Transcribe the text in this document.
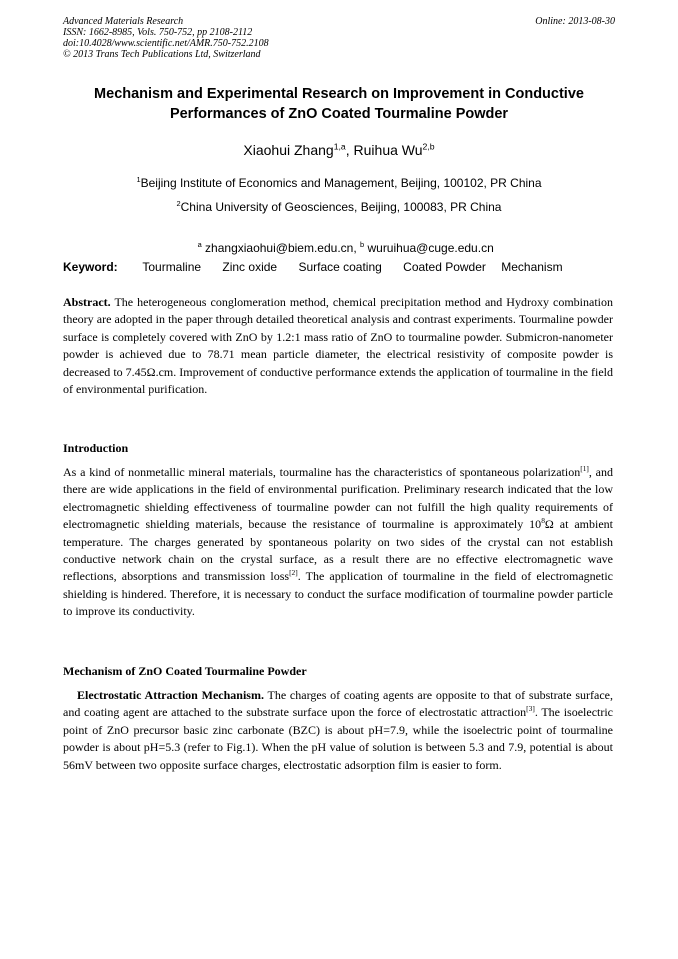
Advanced Materials Research
ISSN: 1662-8985, Vols. 750-752, pp 2108-2112
doi:10.4028/www.scientific.net/AMR.750-752.2108
© 2013 Trans Tech Publications Ltd, Switzerland
Online: 2013-08-30
Mechanism and Experimental Research on Improvement in Conductive
Performances of ZnO Coated Tourmaline Powder
Xiaohui Zhang$^{1,a}$, Ruihua Wu$^{2,b}$
$^1$Beijing Institute of Economics and Management, Beijing, 100102, PR China
$^2$China University of Geosciences, Beijing, 100083, PR China

$^a$ zhangxiaohui@biem.edu.cn, $^b$ wuruihua@cuge.edu.cn

Keyword: Tourmaline Zinc oxide Surface coating Coated Powder Mechanism
Abstract. The heterogeneous conglomeration method, chemical precipitation method and Hydroxy combination theory are adopted in the paper through detailed theoretical analysis and contrast experiments. Tourmaline powder surface is completely covered with ZnO by 1.2:1 mass ratio of ZnO to tourmaline powder. Submicron-nanometer powder is achieved due to 78.71 mean particle diameter, the electrical resistivity of composite powder is decreased to 7.45Ω.cm. Improvement of conductive performance extends the application of tourmaline in the field of environmental purification.
Introduction
As a kind of nonmetallic mineral materials, tourmaline has the characteristics of spontaneous polarization[1], and there are wide applications in the field of environmental purification. Preliminary research indicated that the low electromagnetic shielding effectiveness of tourmaline powder can not fulfill the high quality requirements of electromagnetic shielding materials, because the resistance of tourmaline is approximately $10^8\Omega$ at ambient temperature. The charges generated by spontaneous polarity on two sides of the crystal can not establish conductive network chain on the crystal surface, as a result there are no effective electromagnetic wave reflections, absorptions and transmission loss[2]. The application of tourmaline in the field of electromagnetic shielding is hindered. Therefore, it is necessary to conduct the surface modification of tourmaline powder particle to improve its conductivity.
Mechanism of ZnO Coated Tourmaline Powder
Electrostatic Attraction Mechanism. The charges of coating agents are opposite to that of substrate surface, and coating agent are attached to the substrate surface upon the force of electrostatic attraction[3]. The isoelectric point of ZnO precursor basic zinc carbonate (BZC) is about pH=7.9, while the isoelectric point of tourmaline powder is about pH=5.3 (refer to Fig.1). When the pH value of solution is between 5.3 and 7.9, potential is about 56mV between two opposite surface charges, electrostatic adsorption film is easier to form.
